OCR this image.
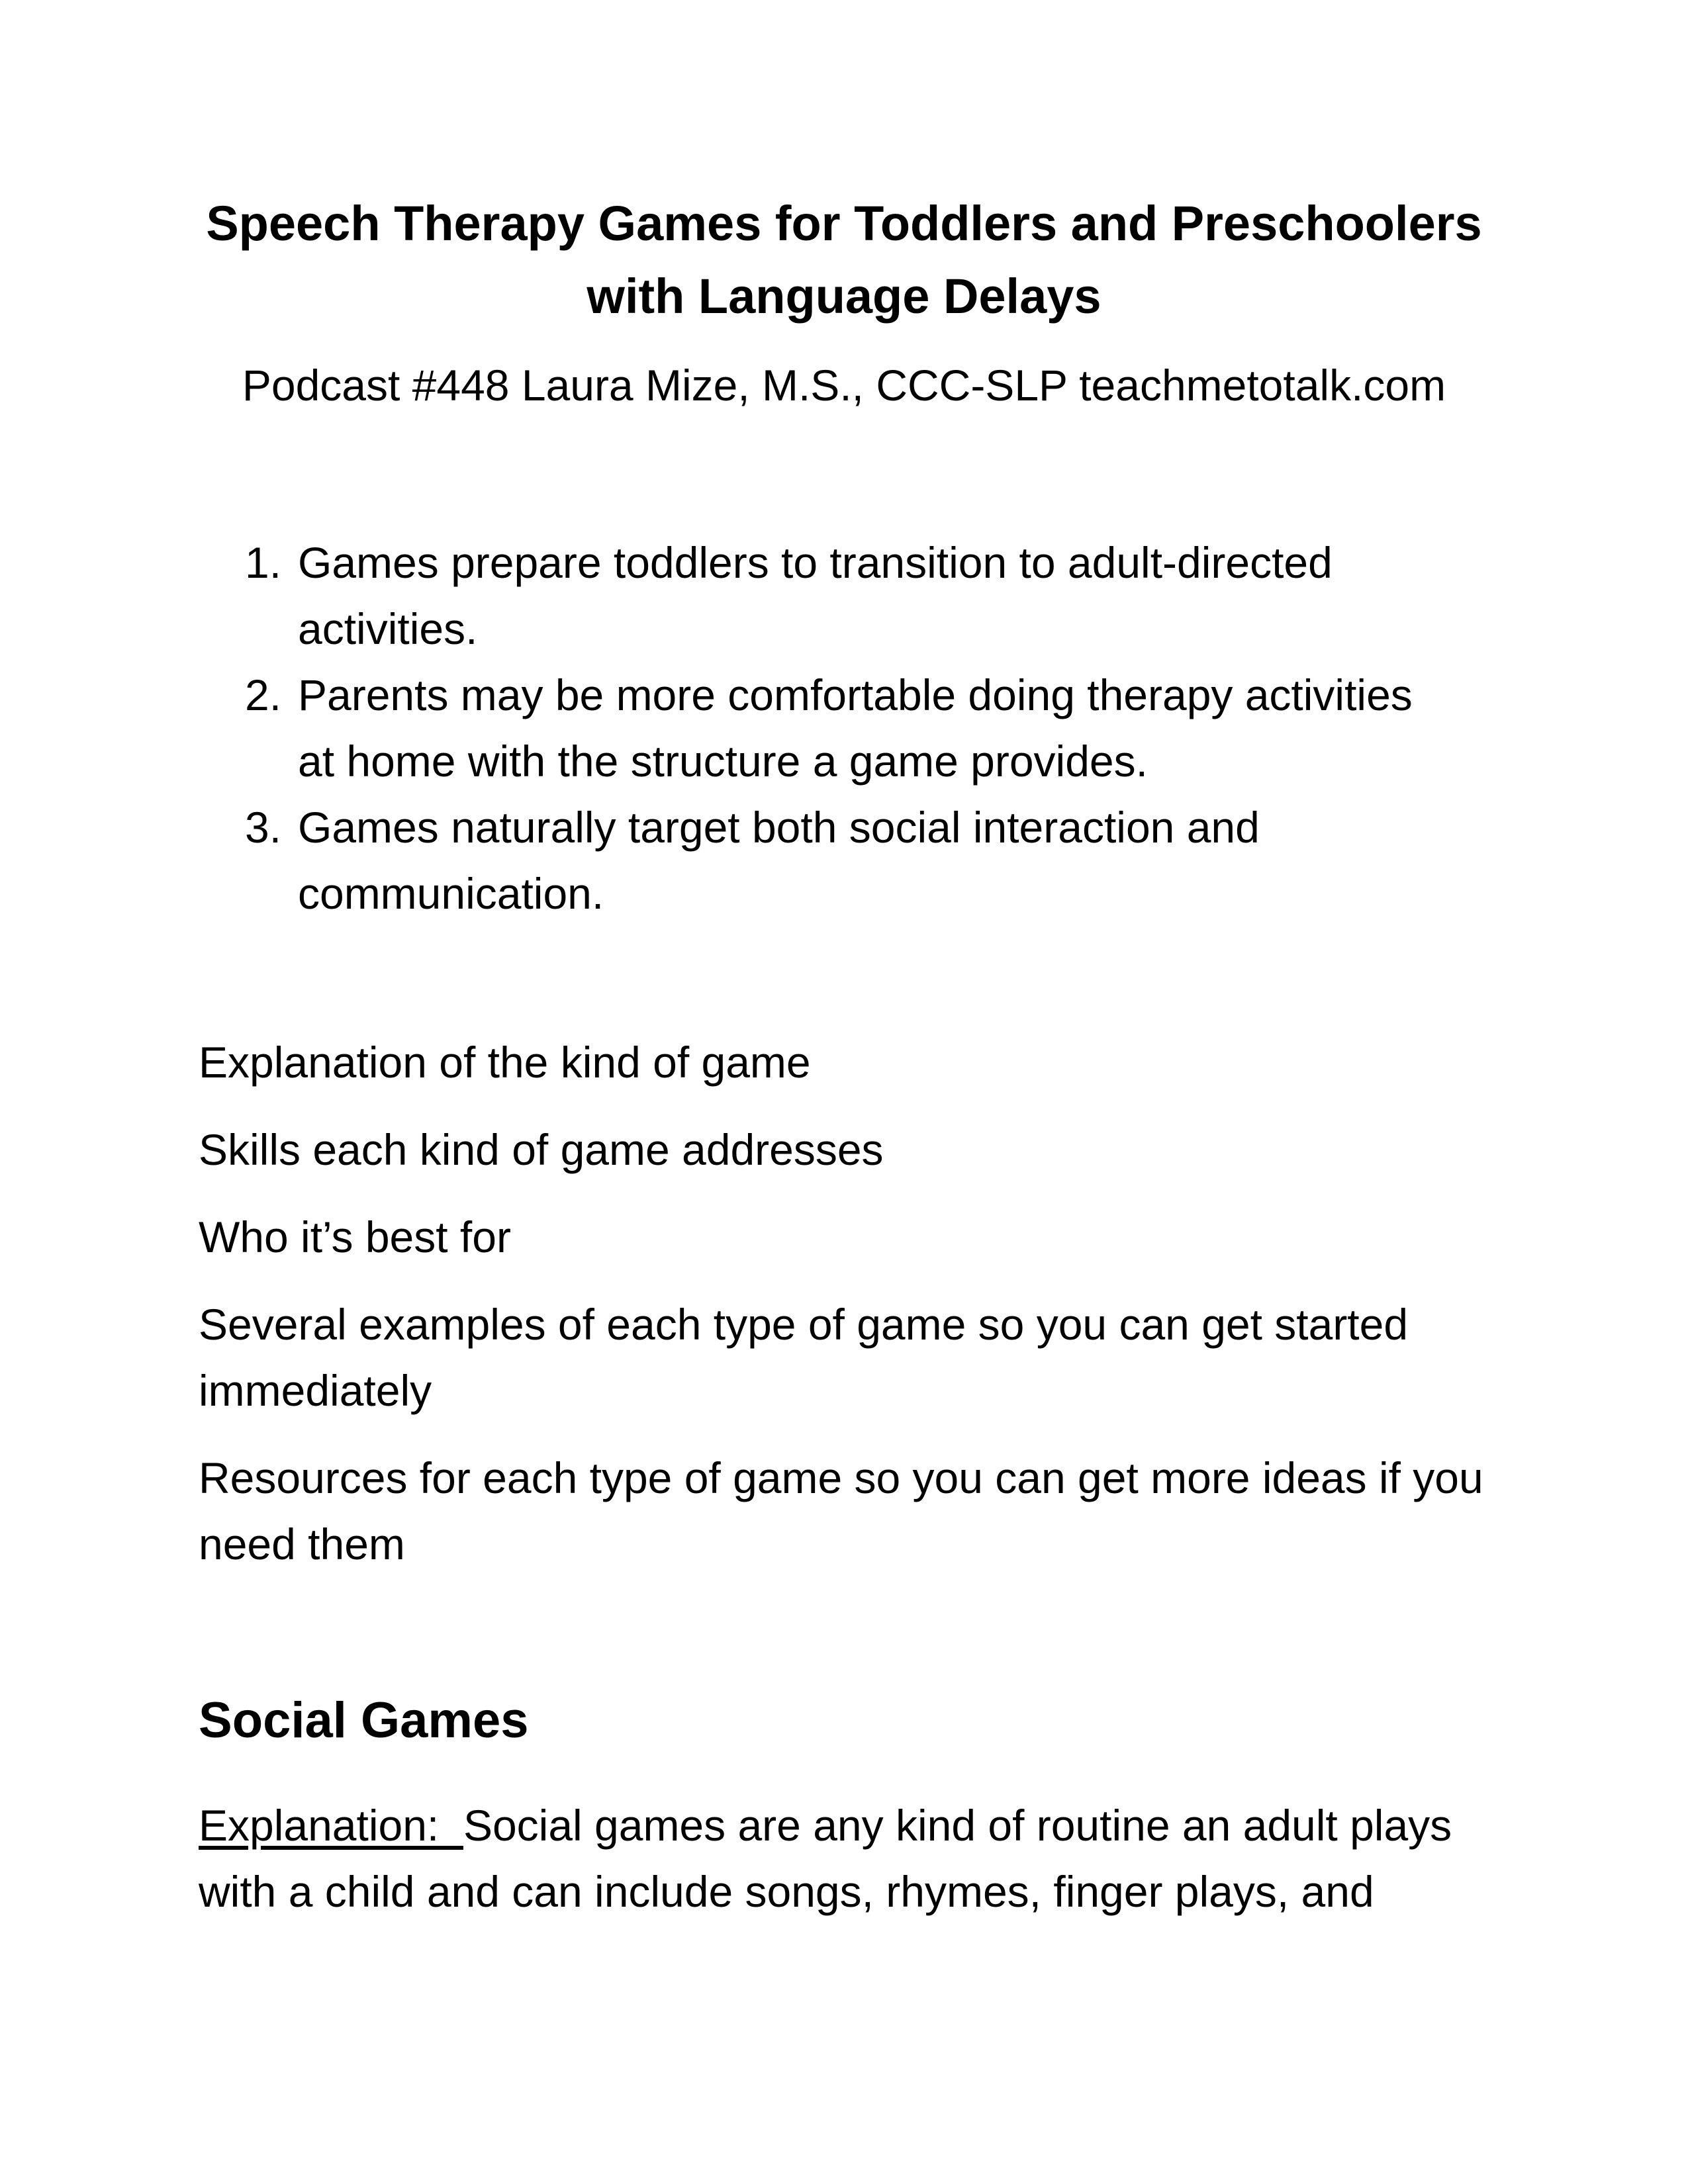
Speech Therapy Games for Toddlers and Preschoolers
with Language Delays
Podcast #448 Laura Mize, M.S., CCC-SLP teachmetotalk.com
1. Games prepare toddlers to transition to adult-directed
activities.
2. Parents may be more comfortable doing therapy activities
at home with the structure a game provides.
3. Games naturally target both social interaction and
communication.

Explanation of the kind of game

Skills each kind of game addresses

Who it’s best for

Several examples of each type of game so you can get started immediately

Resources for each type of game so you can get more ideas if you need them

Social Games
Explanation:  Social games are any kind of routine an adult plays with a child and can include songs, rhymes, finger plays, and
